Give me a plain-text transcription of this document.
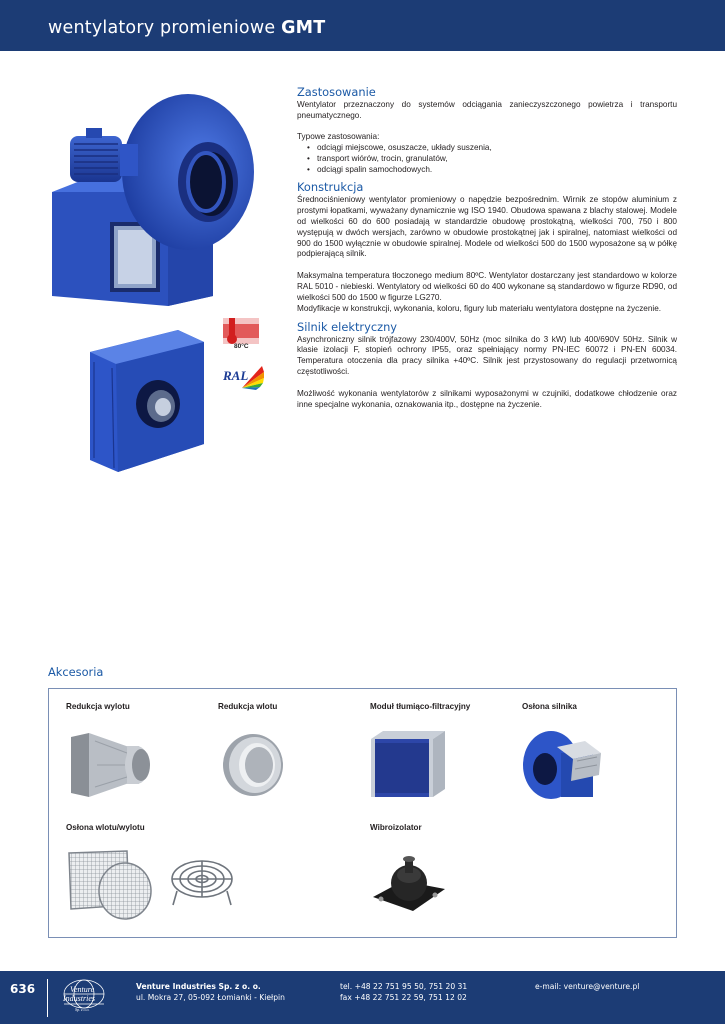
wentylatory promieniowe GMT
80°C
RAL
Zastosowanie
Wentylator przeznaczony do systemów odciągania zanieczyszczonego powietrza i transportu pneumatycznego.
Typowe zastosowania:
• odciągi miejscowe, osuszacze, układy suszenia,
• transport wiórów, trocin, granulatów,
• odciągi spalin samochodowych.
Konstrukcja
Średnociśnieniowy wentylator promieniowy o napędzie bezpośrednim. Wirnik ze stopów aluminium z prostymi łopatkami, wyważany dynamicznie wg ISO 1940. Obudowa spawana z blachy stalowej. Modele od wielkości 60 do 600 posiadają w standardzie obudowę prostokątną, wielkości 700, 750 i 800 występują w dwóch wersjach, zarówno w obudowie prostokątnej jak i spiralnej, natomiast wielkości od 900 do 1500 wyłącznie w obudowie spiralnej. Modele od wielkości 500 do 1500 wyposażone są w półkę podpierającą silnik.
Maksymalna temperatura tłoczonego medium 80ºC. Wentylator dostarczany jest standardowo w kolorze RAL 5010 - niebieski. Wentylatory od wielkości 60 do 400 wykonane są standardowo w figurze RD90, od wielkości 500 do 1500 w figurze LG270.
Modyfikacje w konstrukcji, wykonania, koloru, figury lub materiału wentylatora dostępne na życzenie.
Silnik elektryczny
Asynchroniczny silnik trójfazowy 230/400V, 50Hz (moc silnika do 3 kW) lub 400/690V 50Hz. Silnik w klasie izolacji F, stopień ochrony IP55, oraz spełniający normy PN-IEC 60072 i PN-EN 60034. Temperatura otoczenia dla pracy silnika +40ºC. Silnik jest przystosowany do regulacji przetwornicą częstotliwości.
Możliwość wykonania wentylatorów z silnikami wyposażonymi w czujniki, dodatkowe chłodzenie oraz inne specjalne wykonania, oznakowania itp., dostępne na życzenie.
Akcesoria
Redukcja wylotu	Redukcja wlotu	Moduł tłumiąco-filtracyjny	Osłona silnika
Osłona wlotu/wylotu	Wibroizolator
636	Venture
Industries
Sp. z o.o.
Venture Industries Sp. z o. o.
ul. Mokra 27, 05-092 Łomianki - Kiełpin
tel. +48 22 751 95 50, 751 20 31
fax +48 22 751 22 59, 751 12 02
e-mail: venture@venture.pl
